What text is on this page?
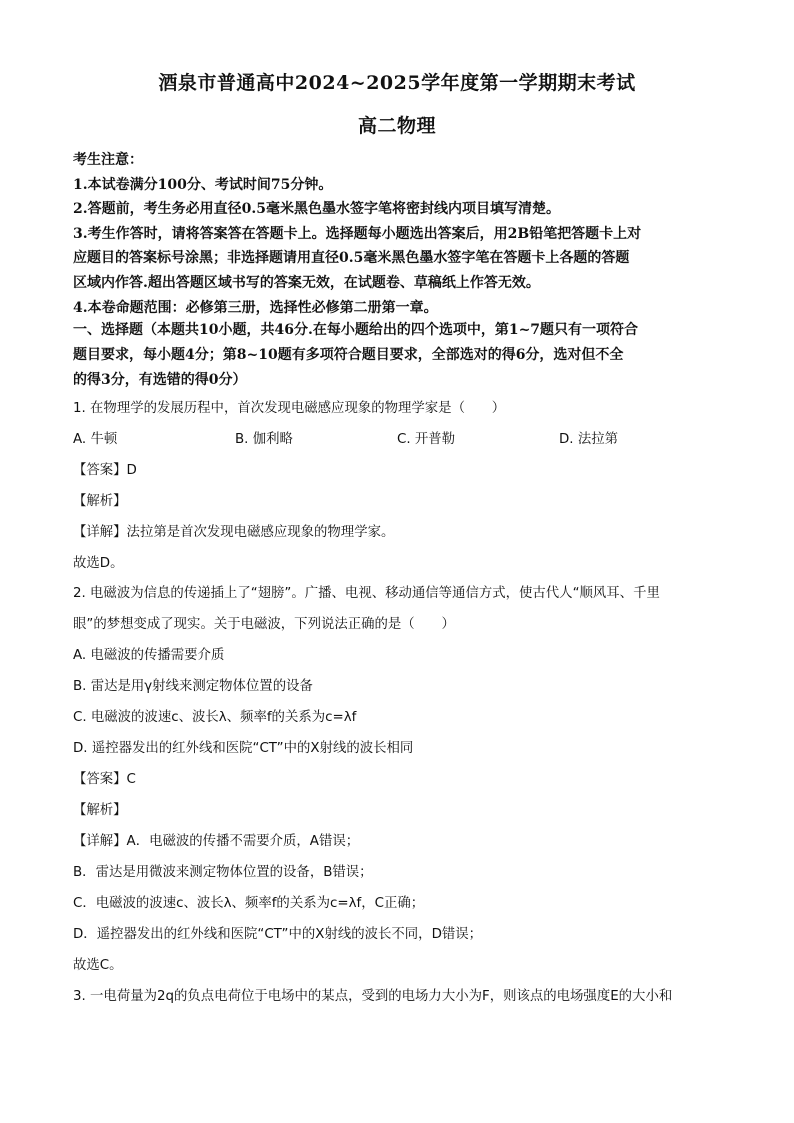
酒泉市普通高中2024~2025学年度第一学期期末考试
高二物理

考生注意：

1.本试卷满分100分、考试时间75分钟。

2.答题前，考生务必用直径0.5毫米黑色墨水签字笔将密封线内项目填写清楚。

3.考生作答时，请将答案答在答题卡上。选择题每小题选出答案后，用2B铅笔把答题卡上对

应题目的答案标号涂黑；非选择题请用直径0.5毫米黑色墨水签字笔在答题卡上各题的答题

区域内作答.超出答题区域书写的答案无效，在试题卷、草稿纸上作答无效。

4.本卷命题范围：必修第三册，选择性必修第二册第一章。

一、选择题（本题共10小题，共46分.在每小题给出的四个选项中，第1~7题只有一项符合
题目要求，每小题4分；第8~10题有多项符合题目要求，全部选对的得6分，选对但不全
的得3分，有选错的得0分）

1. 在物理学的发展历程中，首次发现电磁感应现象的物理学家是（　　）

A. 牛顿	B. 伽利略	C. 开普勒	D. 法拉第

【答案】D

【解析】

【详解】法拉第是首次发现电磁感应现象的物理学家。

故选D。

2. 电磁波为信息的传递插上了“翅膀”。广播、电视、移动通信等通信方式，使古代人“顺风耳、千里

眼”的梦想变成了现实。关于电磁波，下列说法正确的是（　　）

A. 电磁波的传播需要介质

B. 雷达是用γ射线来测定物体位置的设备

C. 电磁波的波速c、波长λ、频率f的关系为c=λf

D. 遥控器发出的红外线和医院“CT”中的X射线的波长相同

【答案】C

【解析】

【详解】A．电磁波的传播不需要介质，A错误；

B．雷达是用微波来测定物体位置的设备，B错误；

C．电磁波的波速c、波长λ、频率f的关系为c=λf，C正确；

D．遥控器发出的红外线和医院“CT”中的X射线的波长不同，D错误；

故选C。

3. 一电荷量为2q的负点电荷位于电场中的某点，受到的电场力大小为F，则该点的电场强度E的大小和
